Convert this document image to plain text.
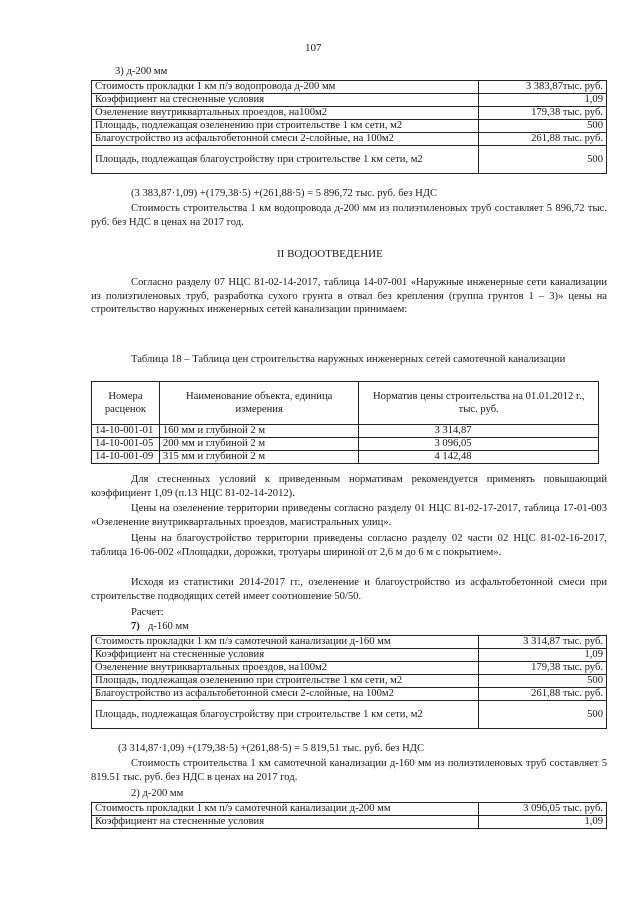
107
3) д-200 мм
Стоимость прокладки 1 км п/э водопровода д-200 мм	3 383,87тыс. руб.
Коэффициент на стесненные условия	1,09
Озеленение внутриквартальных проездов, на100м2	179,38 тыс. руб.
Площадь, подлежащая озеленению при строительстве 1 км сети, м2	500
Благоустройство из асфальтобетонной смеси 2-слойные, на 100м2	261,88 тыс. руб.
Площадь, подлежащая благоустройству при строительстве 1 км сети, м2	500
(3 383,87·1,09) +(179,38·5) +(261,88·5) = 5 896,72 тыс. руб. без НДС
Стоимость строительства 1 км водопровода д-200 мм из полиэтиленовых труб составляет 5 896,72 тыс. руб. без НДС в ценах на 2017 год.
II ВОДООТВЕДЕНИЕ
Согласно разделу 07 НЦС 81-02-14-2017, таблица 14-07-001 «Наружные инженерные сети канализации из полиэтиленовых труб, разработка сухого грунта в отвал без крепления (группа грунтов 1 – 3)» цены на строительство наружных инженерных сетей канализации принимаем:
Таблица 18 – Таблица цен строительства наружных инженерных сетей самотечной канализации
Номера расценок	Наименование объекта, единица измерения	Норматив цены строительства на 01.01.2012 г., тыс. руб.
14-10-001-01	160 мм и глубиной 2 м	3 314,87
14-10-001-05	200 мм и глубиной 2 м	3 096,05
14-10-001-09	315 мм и глубиной 2 м	4 142,48
Для стесненных условий к приведенным нормативам рекомендуется применять повышающий коэффициент 1,09 (п.13 НЦС 81-02-14-2012).
Цены на озеленение территории приведены согласно разделу 01 НЦС 81-02-17-2017, таблица 17-01-003 «Озеленение внутриквартальных проездов, магистральных улиц».
Цены на благоустройство территории приведены согласно разделу 02 части 02 НЦС 81-02-16-2017, таблица 16-06-002 «Площадки, дорожки, тротуары шириной от 2,6 м до 6 м с покрытием».
Исходя из статистики 2014-2017 гг., озеленение и благоустройство из асфальтобетонной смеси при строительстве подводящих сетей имеет соотношение 50/50.
Расчет:
7) д-160 мм
Стоимость прокладки 1 км п/э самотечной канализации д-160 мм	3 314,87 тыс. руб.
Коэффициент на стесненные условия	1,09
Озеленение внутриквартальных проездов, на100м2	179,38 тыс. руб.
Площадь, подлежащая озеленению при строительстве 1 км сети, м2	500
Благоустройство из асфальтобетонной смеси 2-слойные, на 100м2	261,88 тыс. руб.
Площадь, подлежащая благоустройству при строительстве 1 км сети, м2	500
(3 314,87·1,09) +(179,38·5) +(261,88·5) = 5 819,51 тыс. руб. без НДС
Стоимость строительства 1 км самотечной канализации д-160 мм из полиэтиленовых труб составляет 5 819.51 тыс. руб. без НДС в ценах на 2017 год.
2) д-200 мм
Стоимость прокладки 1 км п/э самотечной канализации д-200 мм	3 096,05 тыс. руб.
Коэффициент на стесненные условия	1,09
